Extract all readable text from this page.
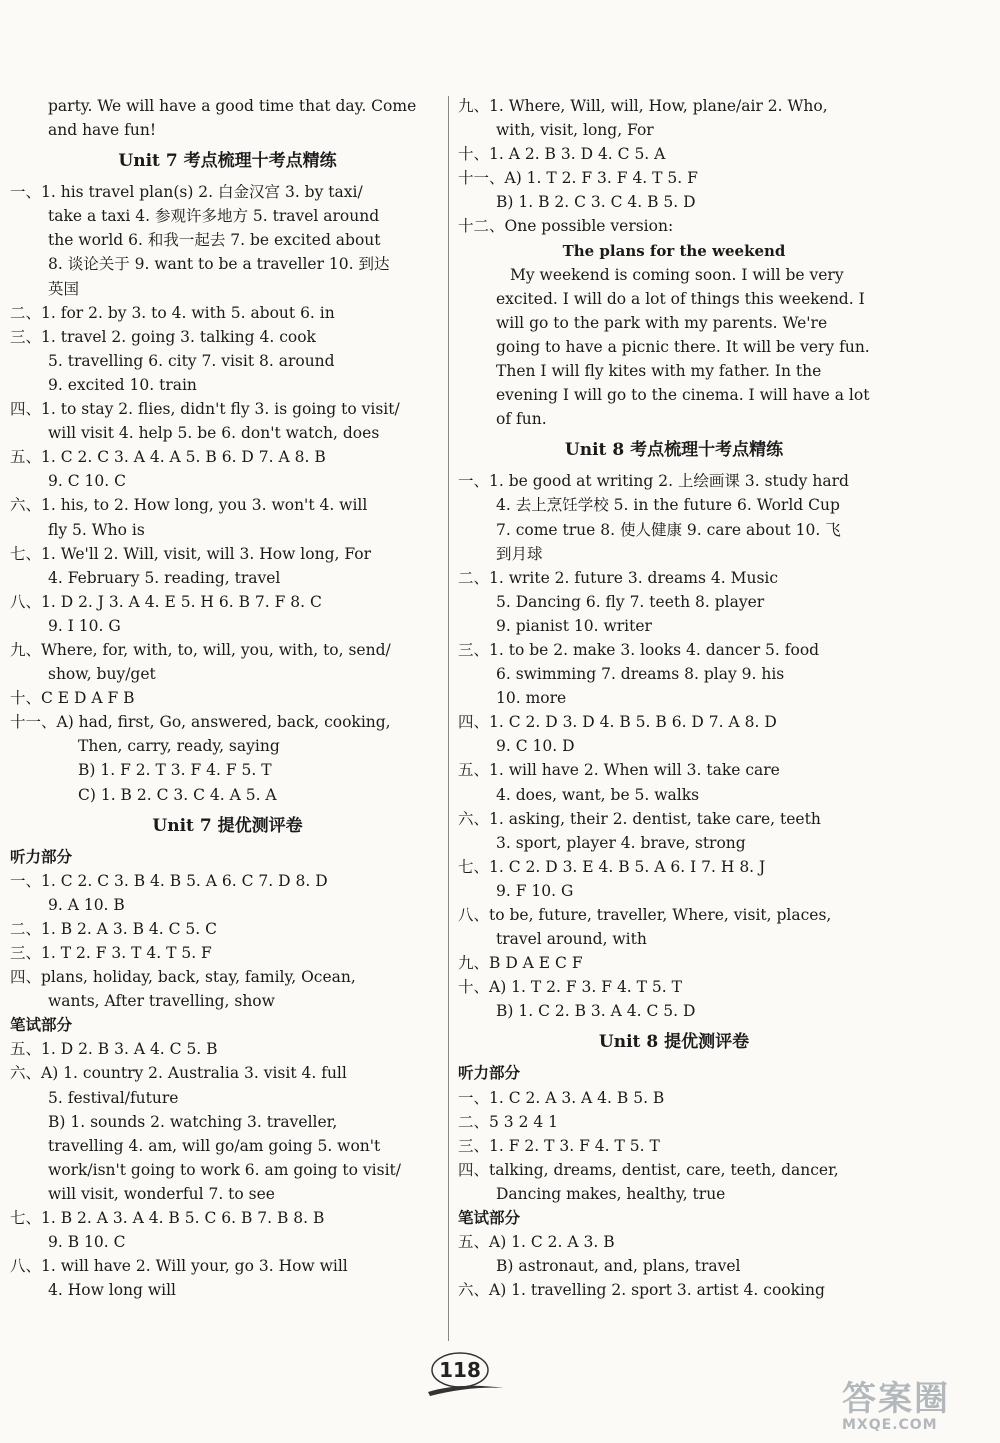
party. We will have a good time that day. Come
and have fun!
Unit 7 考点梳理十考点精练
一、1. his travel plan(s) 2. 白金汉宫 3. by taxi/
take a taxi 4. 参观许多地方 5. travel around
the world 6. 和我一起去 7. be excited about
8. 谈论关于 9. want to be a traveller 10. 到达
英国
二、1. for 2. by 3. to 4. with 5. about 6. in
三、1. travel 2. going 3. talking 4. cook
5. travelling 6. city 7. visit 8. around
9. excited 10. train
四、1. to stay 2. flies, didn't fly 3. is going to visit/
will visit 4. help 5. be 6. don't watch, does
五、1. C 2. C 3. A 4. A 5. B 6. D 7. A 8. B
9. C 10. C
六、1. his, to 2. How long, you 3. won't 4. will
fly 5. Who is
七、1. We'll 2. Will, visit, will 3. How long, For
4. February 5. reading, travel
八、1. D 2. J 3. A 4. E 5. H 6. B 7. F 8. C
9. I 10. G
九、Where, for, with, to, will, you, with, to, send/
show, buy/get
十、C E D A F B
十一、A) had, first, Go, answered, back, cooking,
Then, carry, ready, saying
B) 1. F 2. T 3. F 4. F 5. T
C) 1. B 2. C 3. C 4. A 5. A
Unit 7 提优测评卷
听力部分
一、1. C 2. C 3. B 4. B 5. A 6. C 7. D 8. D
9. A 10. B
二、1. B 2. A 3. B 4. C 5. C
三、1. T 2. F 3. T 4. T 5. F
四、plans, holiday, back, stay, family, Ocean,
wants, After travelling, show
笔试部分
五、1. D 2. B 3. A 4. C 5. B
六、A) 1. country 2. Australia 3. visit 4. full
5. festival/future
B) 1. sounds 2. watching 3. traveller,
travelling 4. am, will go/am going 5. won't
work/isn't going to work 6. am going to visit/
will visit, wonderful 7. to see
七、1. B 2. A 3. A 4. B 5. C 6. B 7. B 8. B
9. B 10. C
八、1. will have 2. Will your, go 3. How will
4. How long will
九、1. Where, Will, will, How, plane/air 2. Who,
with, visit, long, For
十、1. A 2. B 3. D 4. C 5. A
十一、A) 1. T 2. F 3. F 4. T 5. F
B) 1. B 2. C 3. C 4. B 5. D
十二、One possible version:
The plans for the weekend
My weekend is coming soon. I will be very
excited. I will do a lot of things this weekend. I
will go to the park with my parents. We're
going to have a picnic there. It will be very fun.
Then I will fly kites with my father. In the
evening I will go to the cinema. I will have a lot
of fun.
Unit 8 考点梳理十考点精练
一、1. be good at writing 2. 上绘画课 3. study hard
4. 去上烹饪学校 5. in the future 6. World Cup
7. come true 8. 使人健康 9. care about 10. 飞
到月球
二、1. write 2. future 3. dreams 4. Music
5. Dancing 6. fly 7. teeth 8. player
9. pianist 10. writer
三、1. to be 2. make 3. looks 4. dancer 5. food
6. swimming 7. dreams 8. play 9. his
10. more
四、1. C 2. D 3. D 4. B 5. B 6. D 7. A 8. D
9. C 10. D
五、1. will have 2. When will 3. take care
4. does, want, be 5. walks
六、1. asking, their 2. dentist, take care, teeth
3. sport, player 4. brave, strong
七、1. C 2. D 3. E 4. B 5. A 6. I 7. H 8. J
9. F 10. G
八、to be, future, traveller, Where, visit, places,
travel around, with
九、B D A E C F
十、A) 1. T 2. F 3. F 4. T 5. T
B) 1. C 2. B 3. A 4. C 5. D
Unit 8 提优测评卷
听力部分
一、1. C 2. A 3. A 4. B 5. B
二、5 3 2 4 1
三、1. F 2. T 3. F 4. T 5. T
四、talking, dreams, dentist, care, teeth, dancer,
Dancing makes, healthy, true
笔试部分
五、A) 1. C 2. A 3. B
B) astronaut, and, plans, travel
六、A) 1. travelling 2. sport 3. artist 4. cooking
118
答案圈
MXQE.COM
